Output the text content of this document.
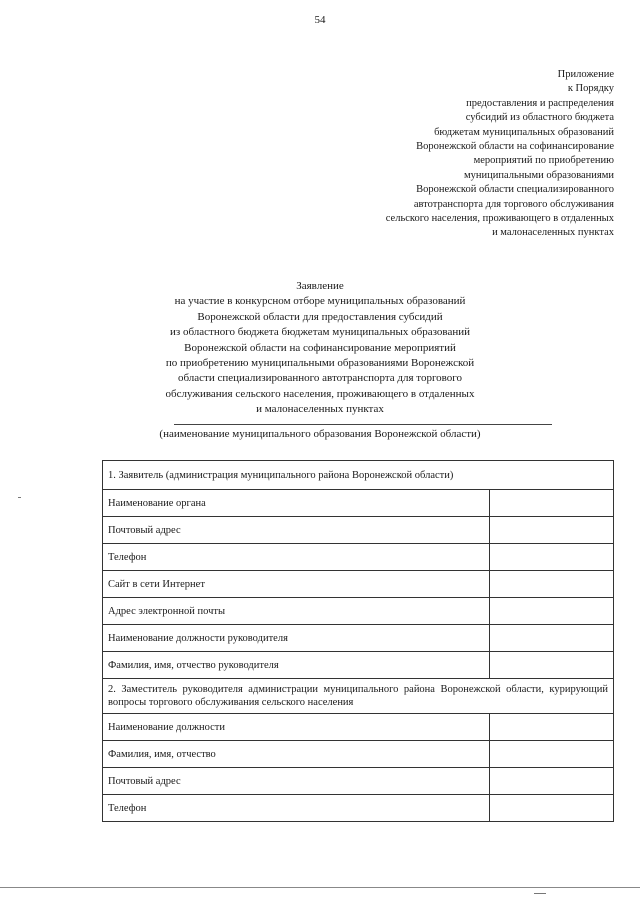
54
Приложение
к Порядку
предоставления и распределения
субсидий из областного бюджета
бюджетам муниципальных образований
Воронежской области на софинансирование
мероприятий по приобретению
муниципальными образованиями
Воронежской области специализированного
автотранспорта для торгового обслуживания
сельского населения, проживающего в отдаленных
и малонаселенных пунктах
Заявление
на участие в конкурсном отборе муниципальных образований
Воронежской области для предоставления субсидий
из областного бюджета бюджетам муниципальных образований
Воронежской области на софинансирование мероприятий
по приобретению муниципальными образованиями Воронежской
области специализированного автотранспорта для торгового
обслуживания сельского населения, проживающего в отдаленных
и малонаселенных пунктах
(наименование муниципального образования Воронежской области)
1. Заявитель (администрация муниципального района Воронежской области)	
Наименование органа	
Почтовый адрес	
Телефон	
Сайт в сети Интернет	
Адрес электронной почты	
Наименование должности руководителя	
Фамилия, имя, отчество руководителя	
2. Заместитель руководителя администрации муниципального района Воронежской области, курирующий вопросы торгового обслуживания сельского населения	
Наименование должности	
Фамилия, имя, отчество	
Почтовый адрес	
Телефон	
